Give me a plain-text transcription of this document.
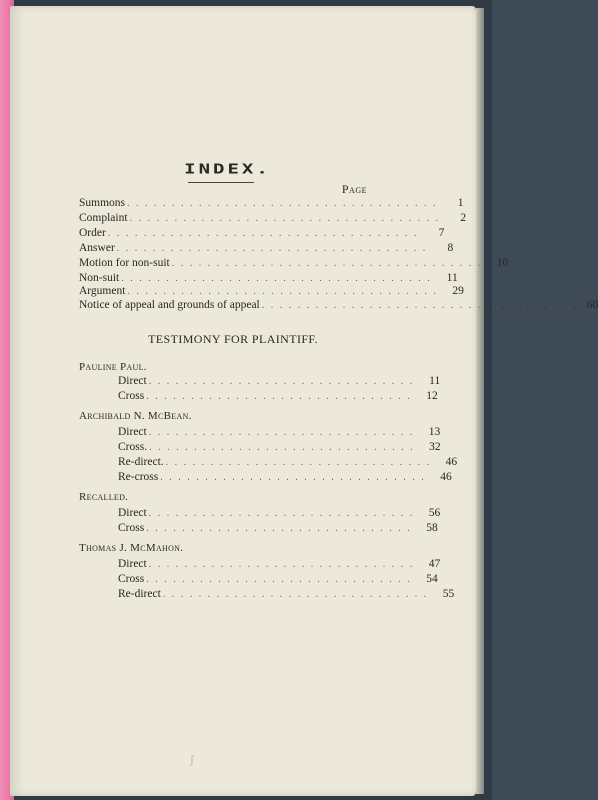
INDEX.
Page
Summons . . . . . . . . . . . . . . . . . . . . . . . . . . . . . . . . . . .	1
Complaint . . . . . . . . . . . . . . . . . . . . . . . . . . . . . . . . . . .	2
Order . . . . . . . . . . . . . . . . . . . . . . . . . . . . . . . . . . .	7
Answer . . . . . . . . . . . . . . . . . . . . . . . . . . . . . . . . . . .	8
Motion for non-suit . . . . . . . . . . . . . . . . . . . . . . . . . . . . . . . . . . .	10
Non-suit . . . . . . . . . . . . . . . . . . . . . . . . . . . . . . . . . . .	11
Argument . . . . . . . . . . . . . . . . . . . . . . . . . . . . . . . . . . .	29
Notice of appeal and grounds of appeal . . . . . . . . . . . . . . . . . . . . . . . . . . . . . . . . . . .	60
TESTIMONY FOR PLAINTIFF.
Pauline Paul.
Direct . . . . . . . . . . . . . . . . . . . . . . . . . . . . . .	11
Cross . . . . . . . . . . . . . . . . . . . . . . . . . . . . . .	12
Archibald N. McBean.
Direct . . . . . . . . . . . . . . . . . . . . . . . . . . . . . .	13
Cross. . . . . . . . . . . . . . . . . . . . . . . . . . . . . . .	32
Re-direct. . . . . . . . . . . . . . . . . . . . . . . . . . . . . . .	46
Re-cross . . . . . . . . . . . . . . . . . . . . . . . . . . . . . .	46
Recalled.
Direct . . . . . . . . . . . . . . . . . . . . . . . . . . . . . .	56
Cross . . . . . . . . . . . . . . . . . . . . . . . . . . . . . .	58
Thomas J. McMahon.
Direct . . . . . . . . . . . . . . . . . . . . . . . . . . . . . .	47
Cross . . . . . . . . . . . . . . . . . . . . . . . . . . . . . .	54
Re-direct . . . . . . . . . . . . . . . . . . . . . . . . . . . . . .	55
ʃ
